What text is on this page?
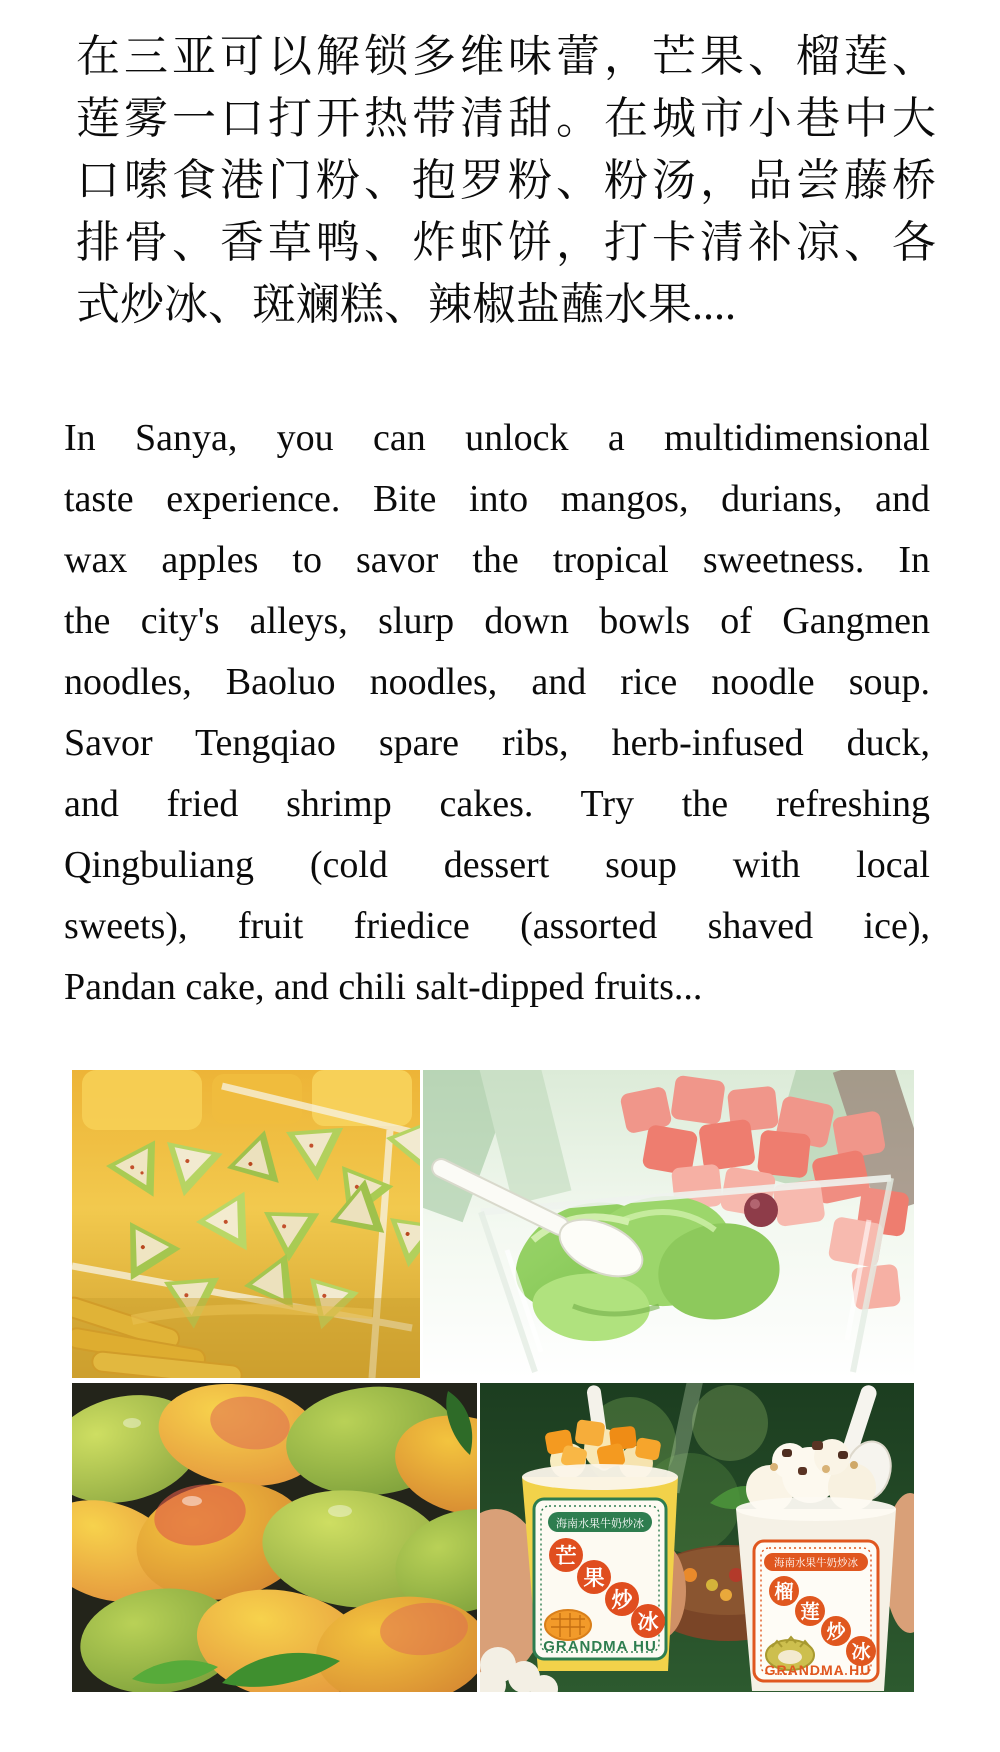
在三亚可以解锁多维味蕾，芒果、榴莲、
莲雾一口打开热带清甜。在城市小巷中大
口嗦食港门粉、抱罗粉、粉汤，品尝藤桥
排骨、香草鸭、炸虾饼，打卡清补凉、各
式炒冰、斑斓糕、辣椒盐蘸水果....
In Sanya, you can unlock a multidimensional
taste experience. Bite into mangos, durians, and
wax apples to savor the tropical sweetness. In
the city's alleys, slurp down bowls of Gangmen
noodles, Baoluo noodles, and rice noodle soup.
Savor Tengqiao spare ribs, herb-infused duck,
and fried shrimp cakes. Try the refreshing
Qingbuliang (cold dessert soup with local
sweets), fruit friedice (assorted shaved ice),
Pandan cake, and chili salt-dipped fruits...
海南水果牛奶炒冰
芒
果
炒
冰
GRANDMA HU
海南水果牛奶炒冰
榴
莲
炒
冰
GRANDMA HU
